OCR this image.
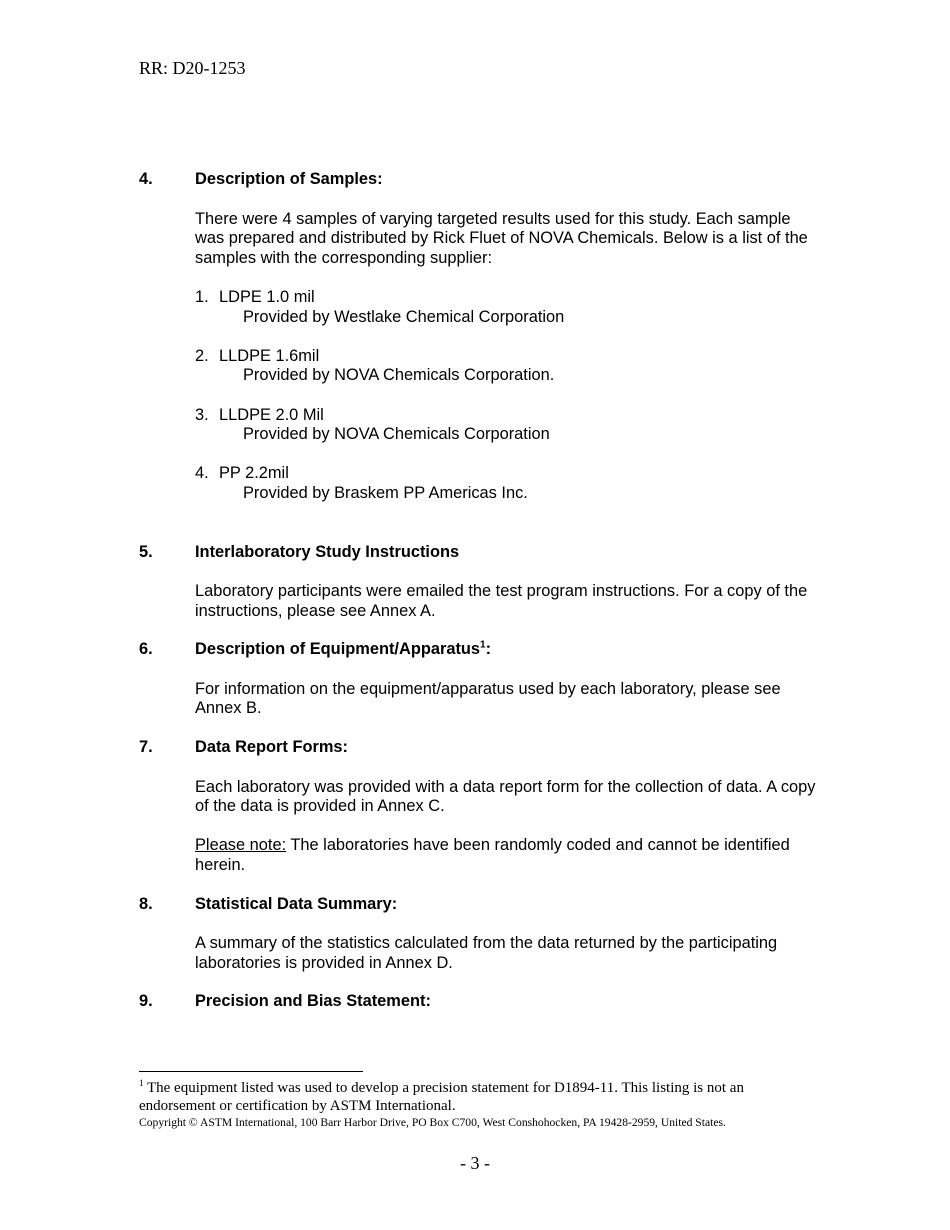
RR: D20-1253
4.	Description of Samples:

There were 4 samples of varying targeted results used for this study. Each sample was prepared and distributed by Rick Fluet of NOVA Chemicals. Below is a list of the samples with the corresponding supplier:

1. LDPE 1.0 mil
Provided by Westlake Chemical Corporation
2. LLDPE 1.6mil
Provided by NOVA Chemicals Corporation.
3. LLDPE 2.0 Mil
Provided by NOVA Chemicals Corporation
4. PP 2.2mil
Provided by Braskem PP Americas Inc.
5.	Interlaboratory Study Instructions

Laboratory participants were emailed the test program instructions. For a copy of the instructions, please see Annex A.

6.	Description of Equipment/Apparatus$^1$:

For information on the equipment/apparatus used by each laboratory, please see Annex B.

7.	Data Report Forms:

Each laboratory was provided with a data report form for the collection of data. A copy of the data is provided in Annex C.

Please note: The laboratories have been randomly coded and cannot be identified herein.

8.	Statistical Data Summary:

A summary of the statistics calculated from the data returned by the participating laboratories is provided in Annex D.

9.	Precision and Bias Statement:
$^1$ The equipment listed was used to develop a precision statement for D1894-11. This listing is not an endorsement or certification by ASTM International.
Copyright © ASTM International, 100 Barr Harbor Drive, PO Box C700, West Conshohocken, PA 19428-2959, United States.
- 3 -
